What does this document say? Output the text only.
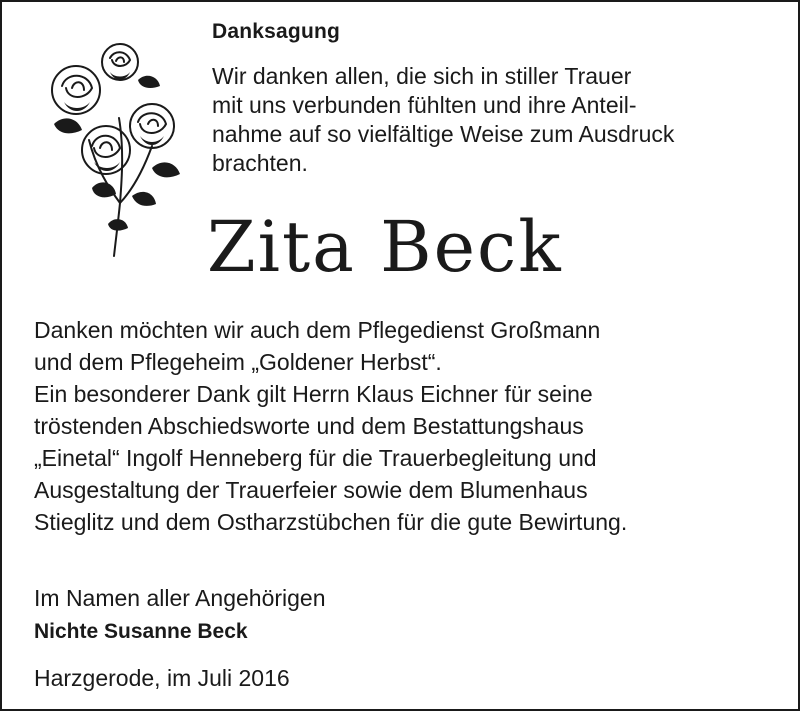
Danksagung
Wir danken allen, die sich in stiller Trauer
mit uns verbunden fühlten und ihre Anteil-
nahme auf so vielfältige Weise zum Ausdruck
brachten.
Zita Beck
Danken möchten wir auch dem Pflegedienst Großmann
und dem Pflegeheim „Goldener Herbst“.
Ein besonderer Dank gilt Herrn Klaus Eichner für seine
tröstenden Abschiedsworte und dem Bestattungshaus
„Einetal“ Ingolf Henneberg für die Trauerbegleitung und
Ausgestaltung der Trauerfeier sowie dem Blumenhaus
Stieglitz und dem Ostharzstübchen für die gute Bewirtung.
Im Namen aller Angehörigen
Nichte Susanne Beck
Harzgerode, im Juli 2016
